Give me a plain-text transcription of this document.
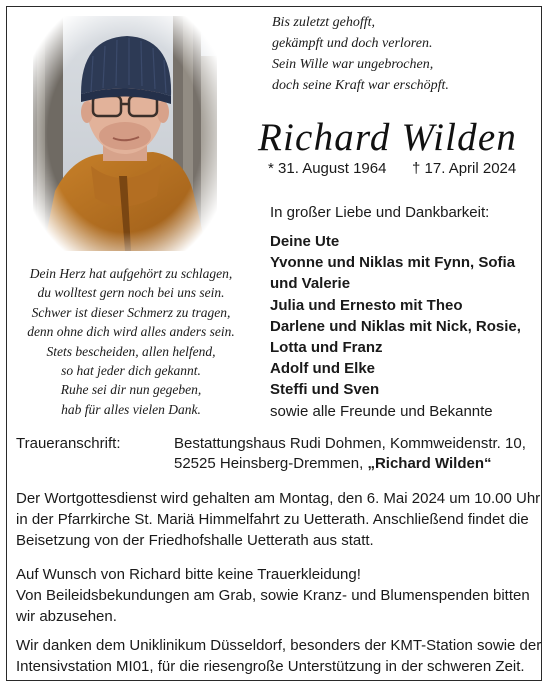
Bis zuletzt gehofft,
gekämpft und doch verloren.
Sein Wille war ungebrochen,
doch seine Kraft war erschöpft.
Richard Wilden
* 31. August 1964 † 17. April 2024
In großer Liebe und Dankbarkeit:
Deine Ute
Yvonne und Niklas mit Fynn, Sofia
und Valerie
Julia und Ernesto mit Theo
Darlene und Niklas mit Nick, Rosie,
Lotta und Franz
Adolf und Elke
Steffi und Sven
sowie alle Freunde und Bekannte
Dein Herz hat aufgehört zu schlagen,
du wolltest gern noch bei uns sein.
Schwer ist dieser Schmerz zu tragen,
denn ohne dich wird alles anders sein.
Stets bescheiden, allen helfend,
so hat jeder dich gekannt.
Ruhe sei dir nun gegeben,
hab für alles vielen Dank.
Traueranschrift:	Bestattungshaus Rudi Dohmen, Kommweidenstr. 10,
52525 Heinsberg-Dremmen, „Richard Wilden“
Der Wortgottesdienst wird gehalten am Montag, den 6. Mai 2024 um 10.00 Uhr
in der Pfarrkirche St. Mariä Himmelfahrt zu Uetterath. Anschließend findet die
Beisetzung von der Friedhofshalle Uetterath aus statt.
Auf Wunsch von Richard bitte keine Trauerkleidung!
Von Beileidsbekundungen am Grab, sowie Kranz- und Blumenspenden bitten
wir abzusehen.
Wir danken dem Uniklinikum Düsseldorf, besonders der KMT-Station sowie der
Intensivstation MI01, für die riesengroße Unterstützung in der schweren Zeit.
